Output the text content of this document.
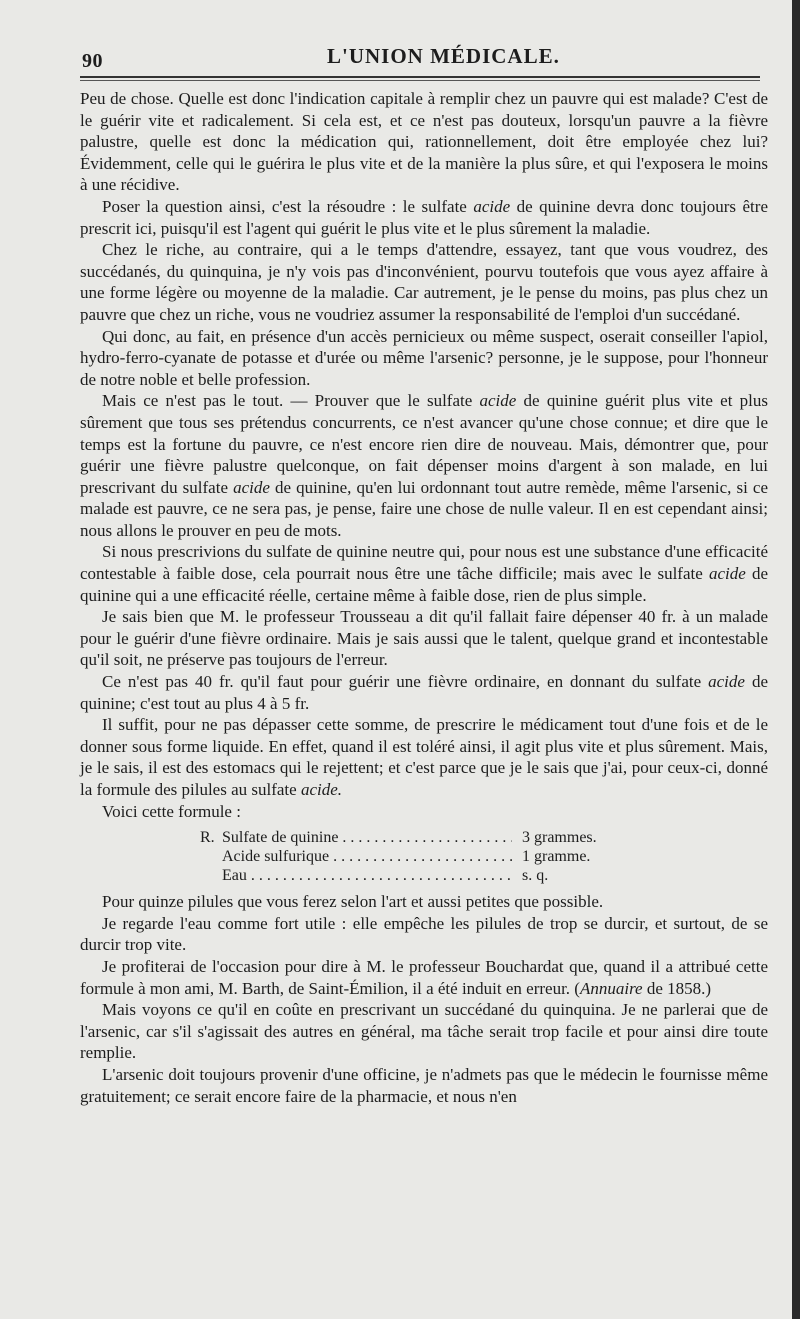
90	L'UNION MÉDICALE.

Peu de chose. Quelle est donc l'indication capitale à remplir chez un pauvre qui est malade? C'est de le guérir vite et radicalement. Si cela est, et ce n'est pas douteux, lorsqu'un pauvre a la fièvre palustre, quelle est donc la médication qui, rationnellement, doit être employée chez lui? Évidemment, celle qui le guérira le plus vite et de la manière la plus sûre, et qui l'exposera le moins à une récidive.

Poser la question ainsi, c'est la résoudre : le sulfate acide de quinine devra donc toujours être prescrit ici, puisqu'il est l'agent qui guérit le plus vite et le plus sûrement la maladie.

Chez le riche, au contraire, qui a le temps d'attendre, essayez, tant que vous voudrez, des succédanés, du quinquina, je n'y vois pas d'inconvénient, pourvu toutefois que vous ayez affaire à une forme légère ou moyenne de la maladie. Car autrement, je le pense du moins, pas plus chez un pauvre que chez un riche, vous ne voudriez assumer la responsabilité de l'emploi d'un succédané.

Qui donc, au fait, en présence d'un accès pernicieux ou même suspect, oserait conseiller l'apiol, hydro-ferro-cyanate de potasse et d'urée ou même l'arsenic? personne, je le suppose, pour l'honneur de notre noble et belle profession.

Mais ce n'est pas le tout. — Prouver que le sulfate acide de quinine guérit plus vite et plus sûrement que tous ses prétendus concurrents, ce n'est avancer qu'une chose connue; et dire que le temps est la fortune du pauvre, ce n'est encore rien dire de nouveau. Mais, démontrer que, pour guérir une fièvre palustre quelconque, on fait dépenser moins d'argent à son malade, en lui prescrivant du sulfate acide de quinine, qu'en lui ordonnant tout autre remède, même l'arsenic, si ce malade est pauvre, ce ne sera pas, je pense, faire une chose de nulle valeur. Il en est cependant ainsi; nous allons le prouver en peu de mots.

Si nous prescrivions du sulfate de quinine neutre qui, pour nous est une substance d'une efficacité contestable à faible dose, cela pourrait nous être une tâche difficile; mais avec le sulfate acide de quinine qui a une efficacité réelle, certaine même à faible dose, rien de plus simple.

Je sais bien que M. le professeur Trousseau a dit qu'il fallait faire dépenser 40 fr. à un malade pour le guérir d'une fièvre ordinaire. Mais je sais aussi que le talent, quelque grand et incontestable qu'il soit, ne préserve pas toujours de l'erreur.

Ce n'est pas 40 fr. qu'il faut pour guérir une fièvre ordinaire, en donnant du sulfate acide de quinine; c'est tout au plus 4 à 5 fr.

Il suffit, pour ne pas dépasser cette somme, de prescrire le médicament tout d'une fois et de le donner sous forme liquide. En effet, quand il est toléré ainsi, il agit plus vite et plus sûrement. Mais, je le sais, il est des estomacs qui le rejettent; et c'est parce que je le sais que j'ai, pour ceux-ci, donné la formule des pilules au sulfate acide.

Voici cette formule :

R. Sulfate de quinine . . .	3 grammes.
Acide sulfurique . . .	1 gramme.
Eau . . .	s. q.

Pour quinze pilules que vous ferez selon l'art et aussi petites que possible.

Je regarde l'eau comme fort utile : elle empêche les pilules de trop se durcir, et surtout, de se durcir trop vite.

Je profiterai de l'occasion pour dire à M. le professeur Bouchardat que, quand il a attribué cette formule à mon ami, M. Barth, de Saint-Émilion, il a été induit en erreur. (Annuaire de 1858.)

Mais voyons ce qu'il en coûte en prescrivant un succédané du quinquina. Je ne parlerai que de l'arsenic, car s'il s'agissait des autres en général, ma tâche serait trop facile et pour ainsi dire toute remplie.

L'arsenic doit toujours provenir d'une officine, je n'admets pas que le médecin le fournisse même gratuitement; ce serait encore faire de la pharmacie, et nous n'en
